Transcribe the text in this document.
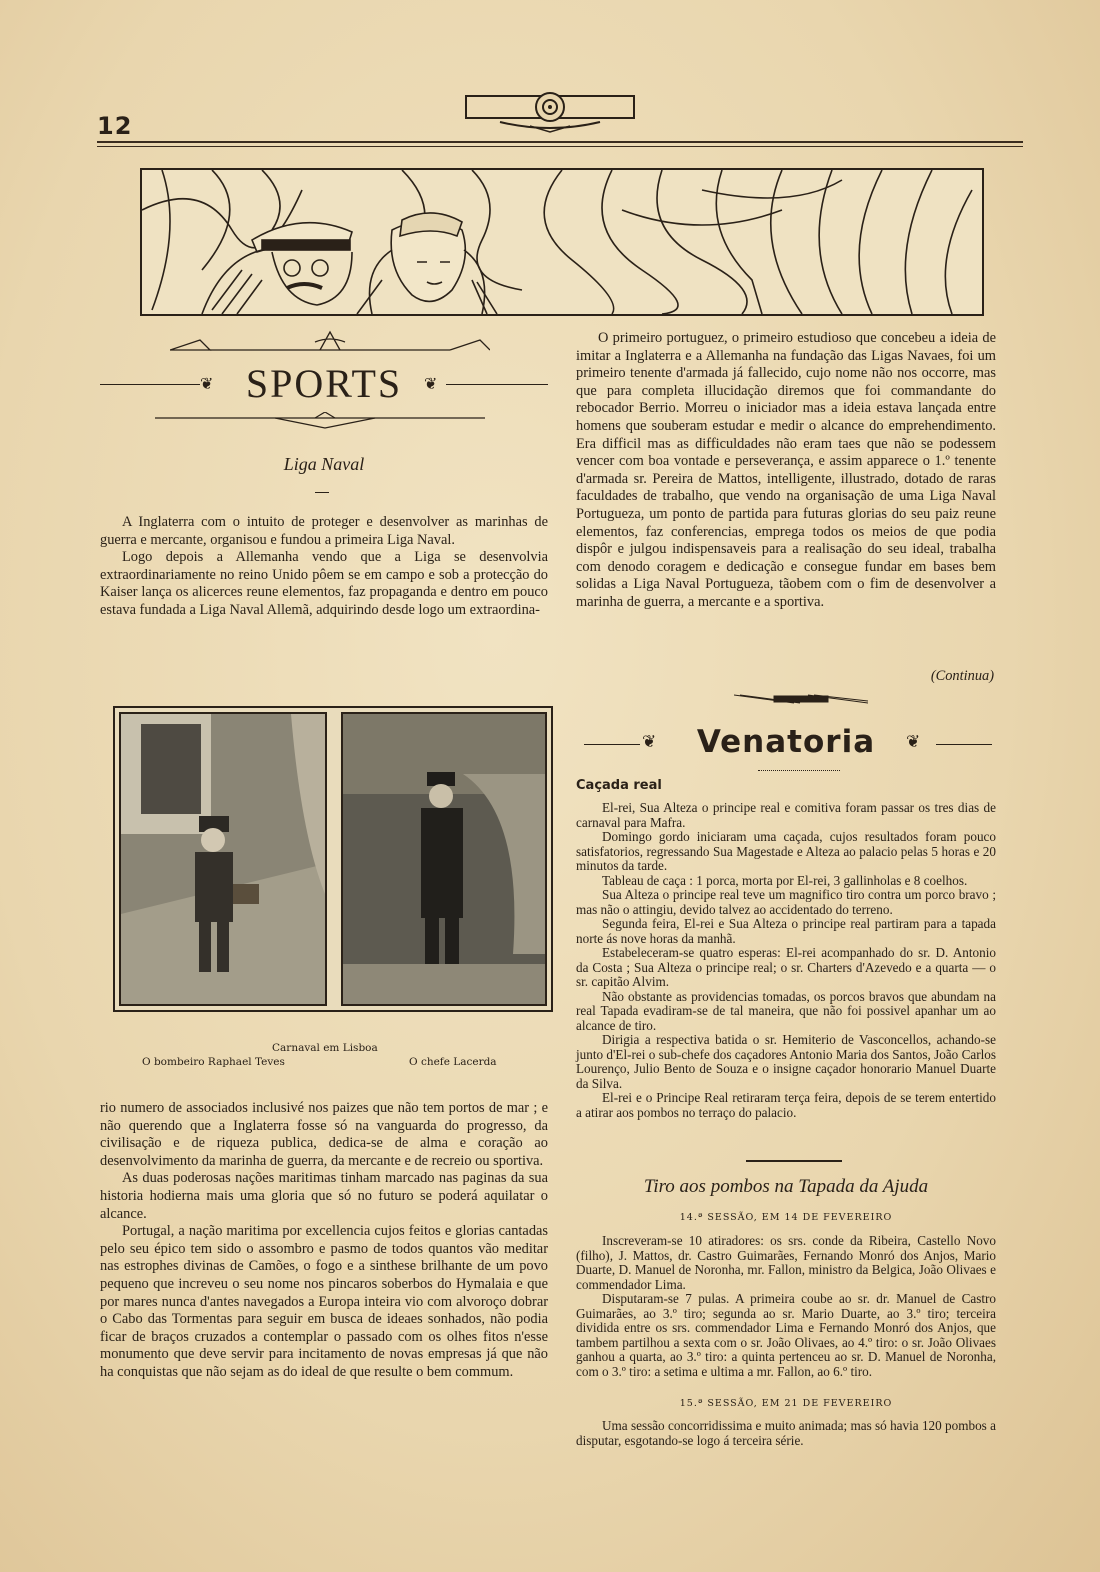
12
❦	❦
SPORTS
Liga Naval

A Inglaterra com o intuito de proteger e desenvolver as marinhas de guerra e mercante, organisou e fundou a primeira Liga Naval.

Logo depois a Allemanha vendo que a Liga se desenvolvia extraordinariamente no reino Unido pôem se em campo e sob a protecção do Kaiser lança os alicerces reune elementos, faz propaganda e dentro em pouco estava fundada a Liga Naval Allemã, adquirindo desde logo um extraordina-

Carnaval em Lisboa
O bombeiro Raphael Teves	O chefe Lacerda

rio numero de associados inclusivé nos paizes que não tem portos de mar ; e não querendo que a Inglaterra fosse só na vanguarda do progresso, da civilisação e de riqueza publica, dedica-se de alma e coração ao desenvolvimento da marinha de guerra, da mercante e de recreio ou sportiva.

As duas poderosas nações maritimas tinham marcado nas paginas da sua historia hodierna mais uma gloria que só no futuro se poderá aquilatar o alcance.

Portugal, a nação maritima por excellencia cujos feitos e glorias cantadas pelo seu épico tem sido o assombro e pasmo de todos quantos vão meditar nas estrophes divinas de Camões, o fogo e a sinthese brilhante de um povo pequeno que increveu o seu nome nos pincaros soberbos do Hymalaia e que por mares nunca d'antes navegados a Europa inteira vio com alvoroço dobrar o Cabo das Tormentas para seguir em busca de ideaes sonhados, não podia ficar de braços cruzados a contemplar o passado com os olhes fitos n'esse monumento que deve servir para incitamento de novas empresas já que não ha conquistas que não sejam as do ideal de que resulte o bem commum.

O primeiro portuguez, o primeiro estudioso que concebeu a ideia de imitar a Inglaterra e a Allemanha na fundação das Ligas Navaes, foi um primeiro tenente d'armada já fallecido, cujo nome não nos occorre, mas que para completa illucidação diremos que foi commandante do rebocador Berrio. Morreu o iniciador mas a ideia estava lançada entre homens que souberam estudar e medir o alcance do emprehendimento. Era difficil mas as difficuldades não eram taes que não se podessem vencer com boa vontade e perseverança, e assim apparece o 1.º tenente d'armada sr. Pereira de Mattos, intelligente, illustrado, dotado de raras faculdades de trabalho, que vendo na organisação de uma Liga Naval Portugueza, um ponto de partida para futuras glorias do seu paiz reune elementos, faz conferencias, emprega todos os meios de que podia dispôr e julgou indispensaveis para a realisação do seu ideal, trabalha com denodo coragem e dedicação e consegue fundar em bases bem solidas a Liga Naval Portugueza, tãobem com o fim de desenvolver a marinha de guerra, a mercante e a sportiva.

(Continua)
❦	❦
Venatoria
Caçada real

El-rei, Sua Alteza o principe real e comitiva foram passar os tres dias de carnaval para Mafra.

Domingo gordo iniciaram uma caçada, cujos resultados foram pouco satisfatorios, regressando Sua Magestade e Alteza ao palacio pelas 5 horas e 20 minutos da tarde.

Tableau de caça : 1 porca, morta por El-rei, 3 gallinholas e 8 coelhos.

Sua Alteza o principe real teve um magnifico tiro contra um porco bravo ; mas não o attingiu, devido talvez ao accidentado do terreno.

Segunda feira, El-rei e Sua Alteza o principe real partiram para a tapada norte ás nove horas da manhã.

Estabeleceram-se quatro esperas: El-rei acompanhado do sr. D. Antonio da Costa ; Sua Alteza o principe real; o sr. Charters d'Azevedo e a quarta — o sr. capitão Alvim.

Não obstante as providencias tomadas, os porcos bravos que abundam na real Tapada evadiram-se de tal maneira, que não foi possivel apanhar um ao alcance de tiro.

Dirigia a respectiva batida o sr. Hemiterio de Vasconcellos, achando-se junto d'El-rei o sub-chefe dos caçadores Antonio Maria dos Santos, João Carlos Lourenço, Julio Bento de Souza e o insigne caçador honorario Manuel Duarte da Silva.

El-rei e o Principe Real retiraram terça feira, depois de se terem entertido a atirar aos pombos no terraço do palacio.

Tiro aos pombos na Tapada da Ajuda
14.ª SESSÃO, EM 14 DE FEVEREIRO

Inscreveram-se 10 atiradores: os srs. conde da Ribeira, Castello Novo (filho), J. Mattos, dr. Castro Guimarães, Fernando Monró dos Anjos, Mario Duarte, D. Manuel de Noronha, mr. Fallon, ministro da Belgica, João Olivaes e commendador Lima.

Disputaram-se 7 pulas. A primeira coube ao sr. dr. Manuel de Castro Guimarães, ao 3.º tiro; segunda ao sr. Mario Duarte, ao 3.º tiro; terceira dividida entre os srs. commendador Lima e Fernando Monró dos Anjos, que tambem partilhou a sexta com o sr. João Olivaes, ao 4.º tiro: o sr. João Olivaes ganhou a quarta, ao 3.º tiro: a quinta pertenceu ao sr. D. Manuel de Noronha, com o 3.º tiro: a setima e ultima a mr. Fallon, ao 6.º tiro.

15.ª SESSÃO, EM 21 DE FEVEREIRO

Uma sessão concorridissima e muito animada; mas só havia 120 pombos a disputar, esgotando-se logo á terceira série.
